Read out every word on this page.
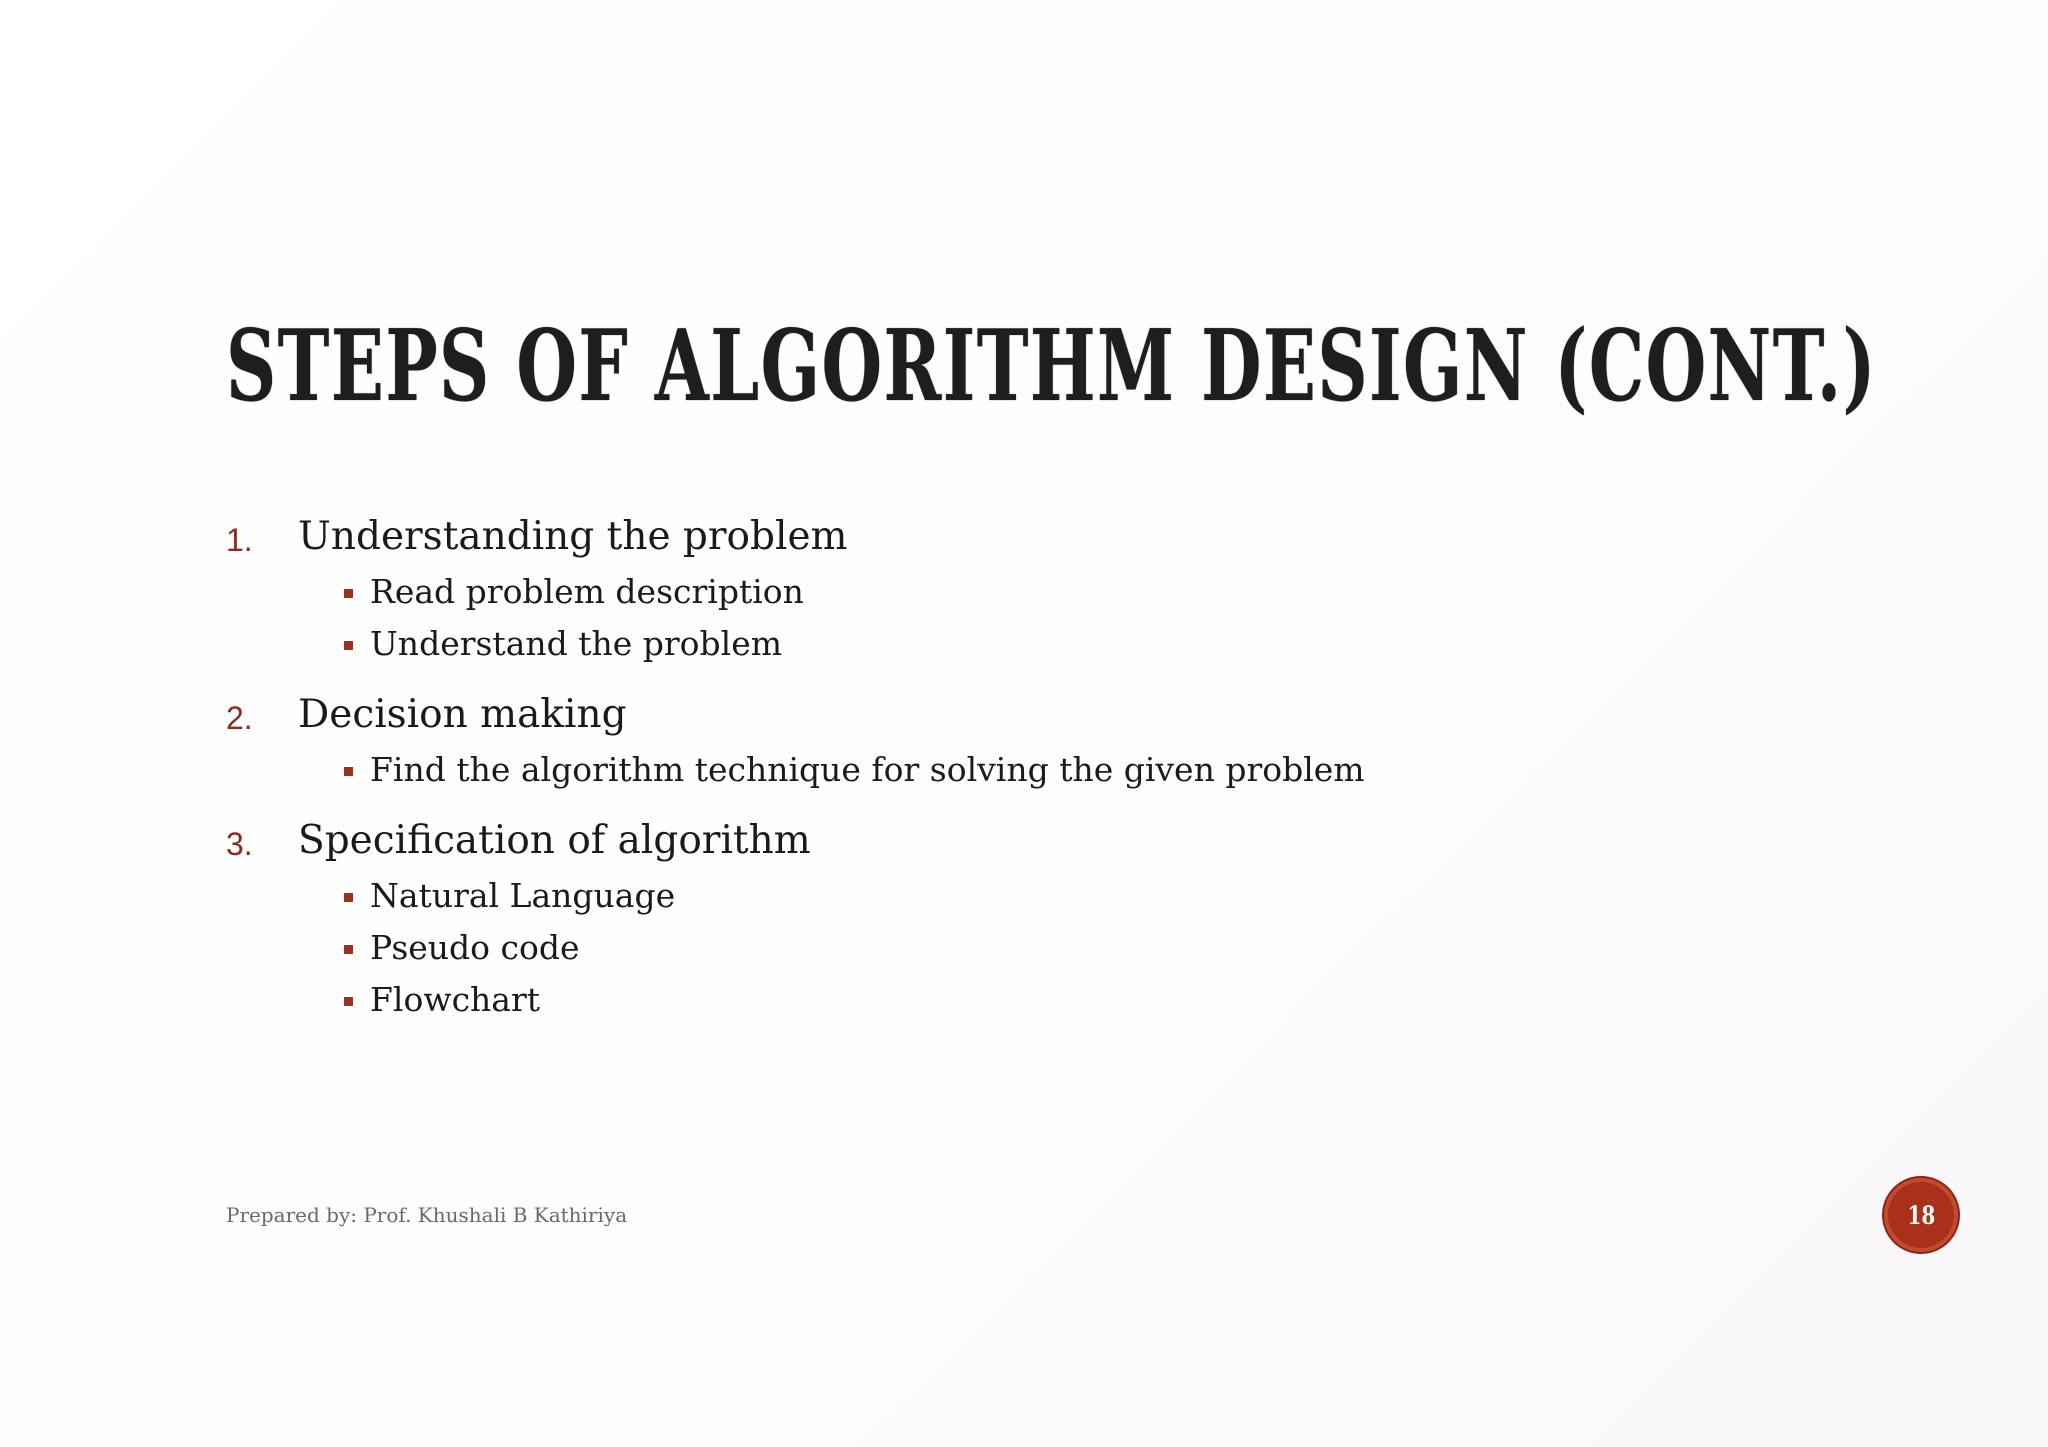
STEPS OF ALGORITHM DESIGN (CONT.)
1. Understanding the problem
Read problem description
Understand the problem
2. Decision making
Find the algorithm technique for solving the given problem
3. Specification of algorithm
Natural Language
Pseudo code
Flowchart
Prepared by: Prof. Khushali B Kathiriya	18
